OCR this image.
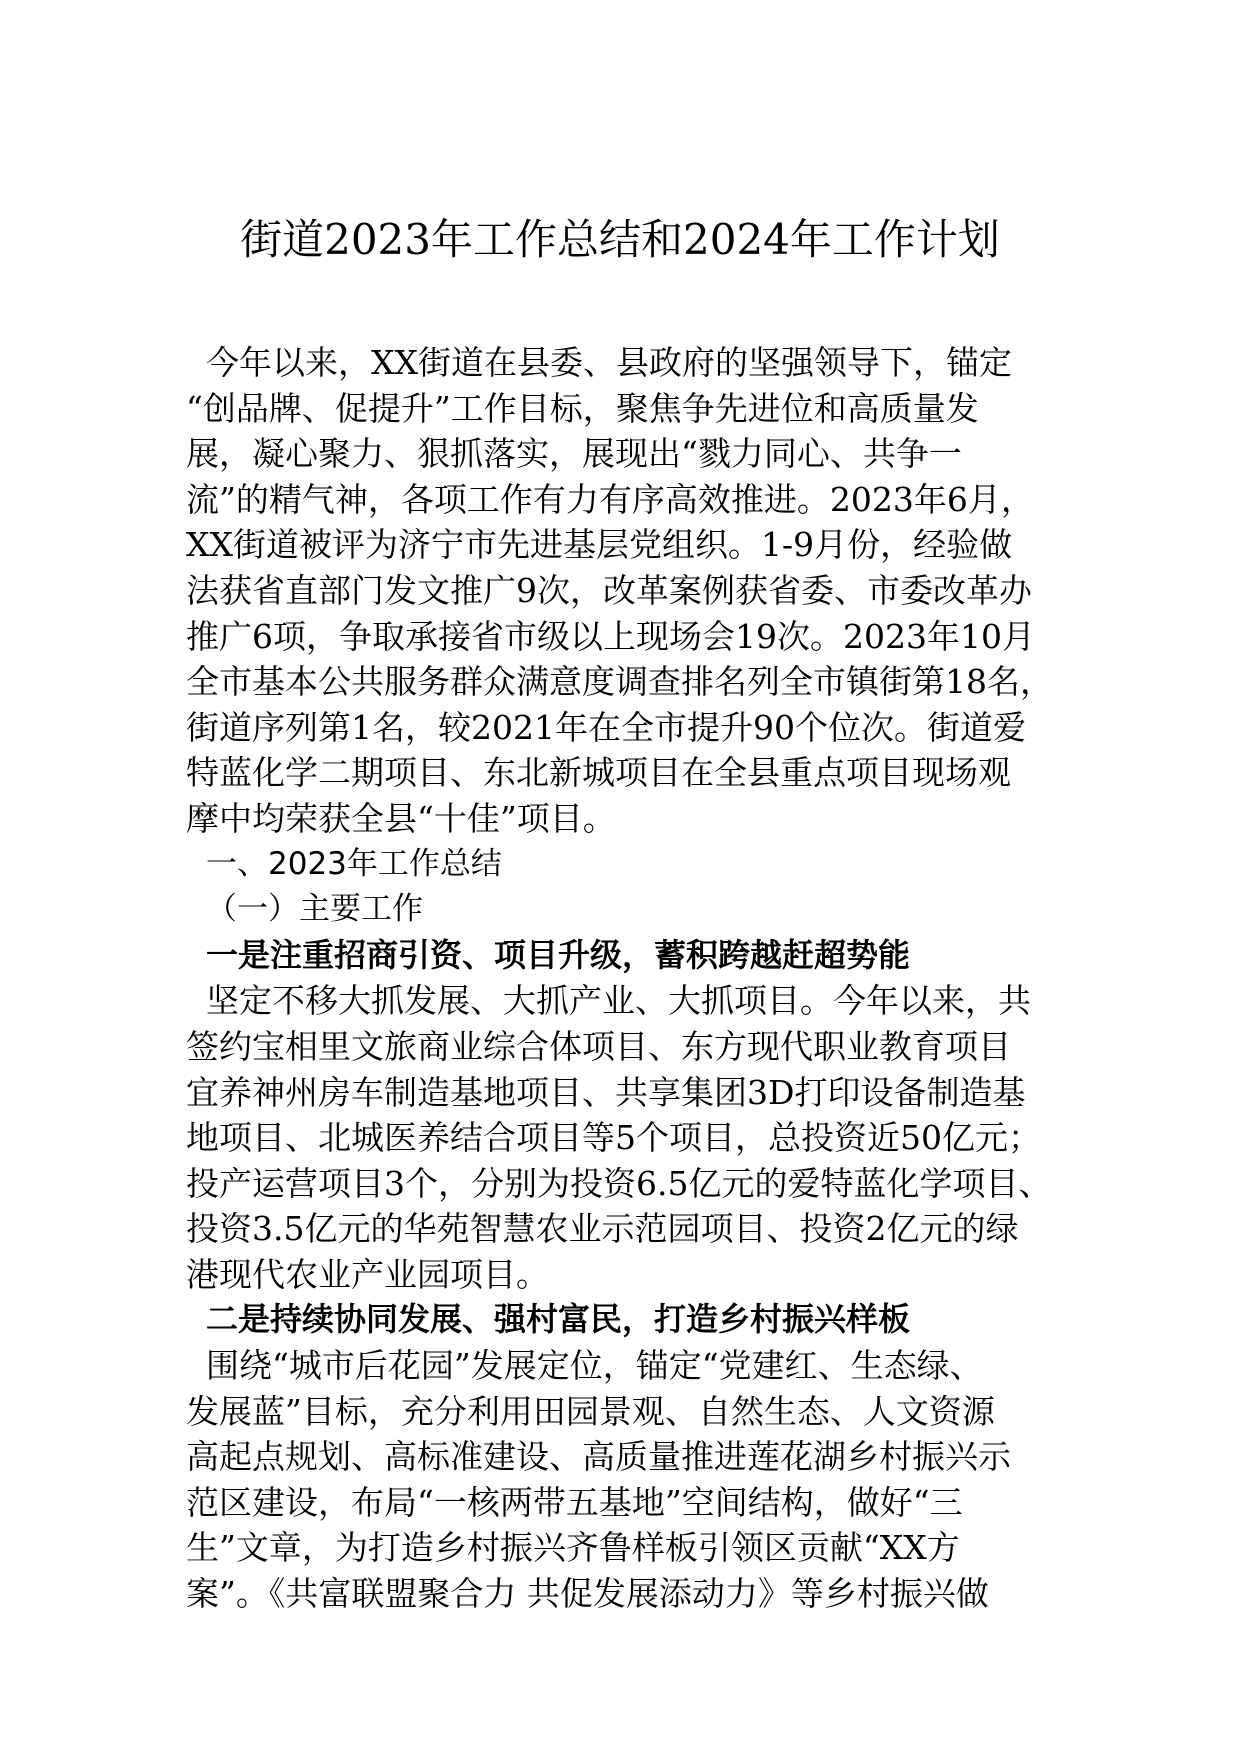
街道2023年工作总结和2024年工作计划
今年以来，XX街道在县委、县政府的坚强领导下，锚定
“创品牌、促提升”工作目标，聚焦争先进位和高质量发
展，凝心聚力、狠抓落实，展现出“戮力同心、共争一
流”的精气神，各项工作有力有序高效推进。2023年6月，
XX街道被评为济宁市先进基层党组织。1-9月份，经验做
法获省直部门发文推广9次，改革案例获省委、市委改革办
推广6项，争取承接省市级以上现场会19次。2023年10月
全市基本公共服务群众满意度调查排名列全市镇街第18名，
街道序列第1名，较2021年在全市提升90个位次。街道爱
特蓝化学二期项目、东北新城项目在全县重点项目现场观
摩中均荣获全县“十佳”项目。
一、2023年工作总结
（一）主要工作
一是注重招商引资、项目升级，蓄积跨越赶超势能
坚定不移大抓发展、大抓产业、大抓项目。今年以来，共
签约宝相里文旅商业综合体项目、东方现代职业教育项目
宜养神州房车制造基地项目、共享集团3D打印设备制造基
地项目、北城医养结合项目等5个项目，总投资近50亿元；
投产运营项目3个，分别为投资6.5亿元的爱特蓝化学项目、
投资3.5亿元的华苑智慧农业示范园项目、投资2亿元的绿
港现代农业产业园项目。
二是持续协同发展、强村富民，打造乡村振兴样板
围绕“城市后花园”发展定位，锚定“党建红、生态绿、
发展蓝”目标，充分利用田园景观、自然生态、人文资源
高起点规划、高标准建设、高质量推进莲花湖乡村振兴示
范区建设，布局“一核两带五基地”空间结构，做好“三
生”文章，为打造乡村振兴齐鲁样板引领区贡献“XX方
案”。《共富联盟聚合力 共促发展添动力》等乡村振兴做
